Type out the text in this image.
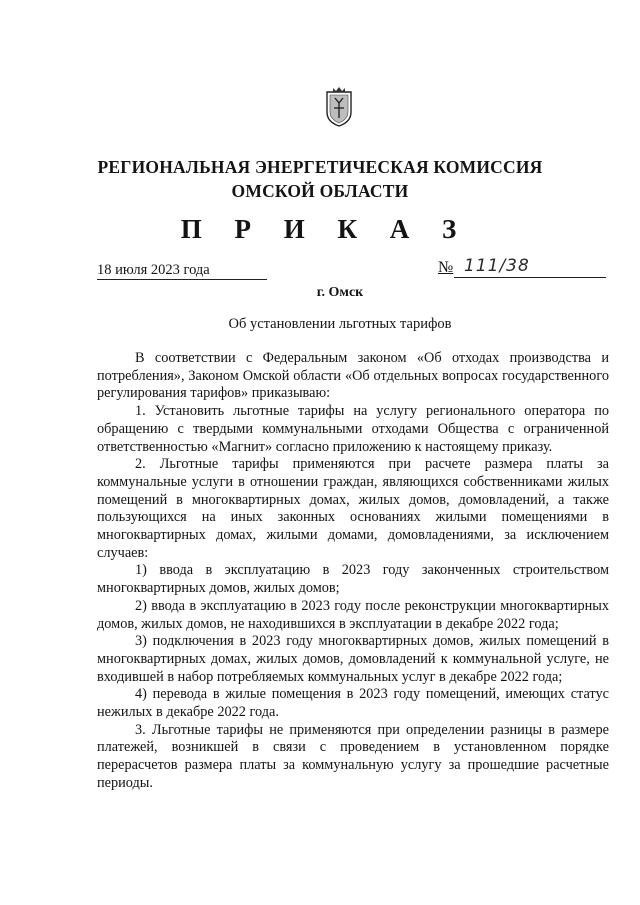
РЕГИОНАЛЬНАЯ ЭНЕРГЕТИЧЕСКАЯ КОМИССИЯ
ОМСКОЙ ОБЛАСТИ
П Р И К А З
18 июля 2023 года	№ 111/38
г. Омск
Об установлении льготных тарифов

В соответствии с Федеральным законом «Об отходах производства и потребления», Законом Омской области «Об отдельных вопросах государственного регулирования тарифов» приказываю:

1. Установить льготные тарифы на услугу регионального оператора по обращению с твердыми коммунальными отходами Общества с ограниченной ответственностью «Магнит» согласно приложению к настоящему приказу.

2. Льготные тарифы применяются при расчете размера платы за коммунальные услуги в отношении граждан, являющихся собственниками жилых помещений в многоквартирных домах, жилых домов, домовладений, а также пользующихся на иных законных основаниях жилыми помещениями в многоквартирных домах, жилыми домами, домовладениями, за исключением случаев:

1) ввода в эксплуатацию в 2023 году законченных строительством многоквартирных домов, жилых домов;

2) ввода в эксплуатацию в 2023 году после реконструкции многоквартирных домов, жилых домов, не находившихся в эксплуатации в декабре 2022 года;

3) подключения в 2023 году многоквартирных домов, жилых помещений в многоквартирных домах, жилых домов, домовладений к коммунальной услуге, не входившей в набор потребляемых коммунальных услуг в декабре 2022 года;

4) перевода в жилые помещения в 2023 году помещений, имеющих статус нежилых в декабре 2022 года.

3. Льготные тарифы не применяются при определении разницы в размере платежей, возникшей в связи с проведением в установленном порядке перерасчетов размера платы за коммунальную услугу за прошедшие расчетные периоды.
